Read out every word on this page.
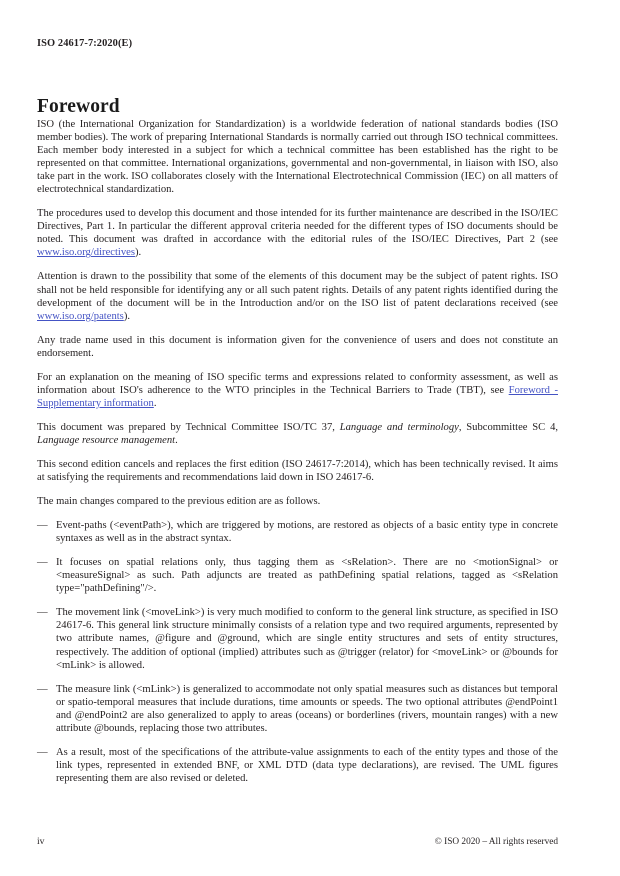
ISO 24617-7:2020(E)
Foreword

ISO (the International Organization for Standardization) is a worldwide federation of national standards bodies (ISO member bodies). The work of preparing International Standards is normally carried out through ISO technical committees. Each member body interested in a subject for which a technical committee has been established has the right to be represented on that committee. International organizations, governmental and non-governmental, in liaison with ISO, also take part in the work. ISO collaborates closely with the International Electrotechnical Commission (IEC) on all matters of electrotechnical standardization.

The procedures used to develop this document and those intended for its further maintenance are described in the ISO/IEC Directives, Part 1. In particular the different approval criteria needed for the different types of ISO documents should be noted. This document was drafted in accordance with the editorial rules of the ISO/IEC Directives, Part 2 (see www.iso.org/directives).

Attention is drawn to the possibility that some of the elements of this document may be the subject of patent rights. ISO shall not be held responsible for identifying any or all such patent rights. Details of any patent rights identified during the development of the document will be in the Introduction and/or on the ISO list of patent declarations received (see www.iso.org/patents).

Any trade name used in this document is information given for the convenience of users and does not constitute an endorsement.

For an explanation on the meaning of ISO specific terms and expressions related to conformity assessment, as well as information about ISO's adherence to the WTO principles in the Technical Barriers to Trade (TBT), see Foreword - Supplementary information.

This document was prepared by Technical Committee ISO/TC 37, Language and terminology, Subcommittee SC 4, Language resource management.

This second edition cancels and replaces the first edition (ISO 24617-7:2014), which has been technically revised. It aims at satisfying the requirements and recommendations laid down in ISO 24617-6.

The main changes compared to the previous edition are as follows.

— Event-paths (<eventPath>), which are triggered by motions, are restored as objects of a basic entity type in concrete syntaxes as well as in the abstract syntax.
— It focuses on spatial relations only, thus tagging them as <sRelation>. There are no <motionSignal> or <measureSignal> as such. Path adjuncts are treated as pathDefining spatial relations, tagged as <sRelation type="pathDefining"/>.
— The movement link (<moveLink>) is very much modified to conform to the general link structure, as specified in ISO 24617-6. This general link structure minimally consists of a relation type and two required arguments, represented by two attribute names, @figure and @ground, which are single entity structures and sets of entity structures, respectively. The addition of optional (implied) attributes such as @trigger (relator) for <moveLink> or @bounds for <mLink> is allowed.
— The measure link (<mLink>) is generalized to accommodate not only spatial measures such as distances but temporal or spatio-temporal measures that include durations, time amounts or speeds. The two optional attributes @endPoint1 and @endPoint2 are also generalized to apply to areas (oceans) or borderlines (rivers, mountain ranges) with a new attribute @bounds, replacing those two attributes.
— As a result, most of the specifications of the attribute-value assignments to each of the entity types and those of the link types, represented in extended BNF, or XML DTD (data type declarations), are revised. The UML figures representing them are also revised or deleted.
iv	© ISO 2020 – All rights reserved
